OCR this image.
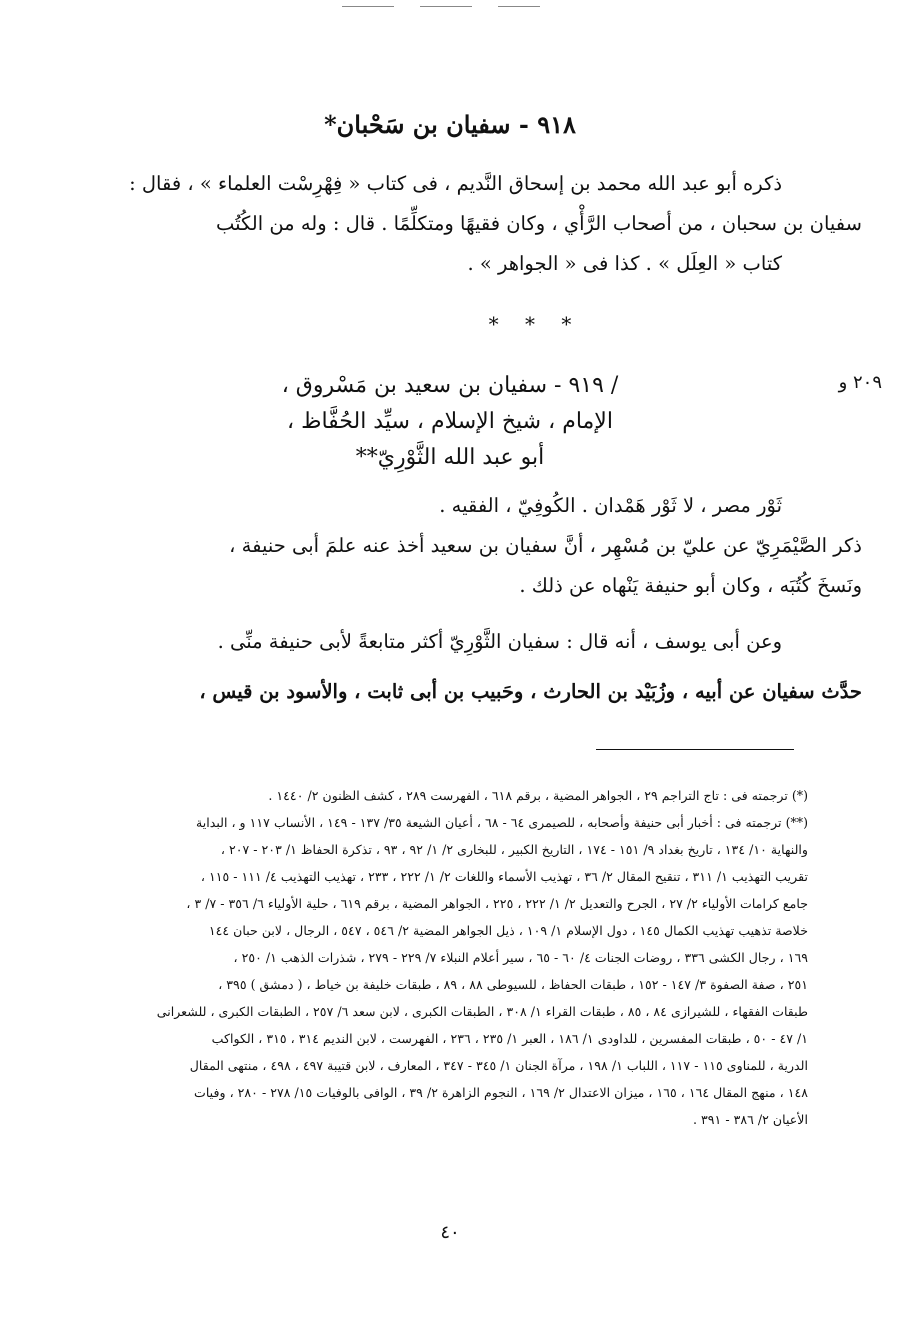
٩١٨ - سفيان بن سَحْبان*
ذكره أبو عبد الله محمد بن إسحاق النَّديم ، فى كتاب « فِهْرِسْت العلماء » ، فقال :
سفيان بن سحبان ، من أصحاب الرَّأْي ، وكان فقيهًا ومتكلِّمًا . قال : وله من الكُتُب
كتاب « العِلَل » . كذا فى « الجواهر » .
* * *
٢٠٩ و
/ ٩١٩ - سفيان بن سعيد بن مَسْروق ،
الإمام ، شيخ الإسلام ، سيِّد الحُفَّاظ ،
أبو عبد الله الثَّوْرِيّ**
ثَوْر مصر ، لا ثَوْر هَمْدان . الكُوفِيّ ، الفقيه .
ذكر الصَّيْمَرِيّ عن عليّ بن مُسْهِر ، أنَّ سفيان بن سعيد أخذ عنه علمَ أبى حنيفة ،
ونَسخَ كُتُبَه ، وكان أبو حنيفة يَنْهاه عن ذلك .
وعن أبى يوسف ، أنه قال : سفيان الثَّوْرِيّ أكثر متابعةً لأبى حنيفة منِّى .
حدَّث سفيان عن أبيه ، وزُبَيْد بن الحارث ، وحَبيب بن أبى ثابت ، والأسود بن قيس ،
(*) ترجمته فى : تاج التراجم ٢٩ ، الجواهر المضية ، برقم ٦١٨ ، الفهرست ٢٨٩ ، كشف الظنون ٢/ ١٤٤٠ .
(**) ترجمته فى : أخبار أبى حنيفة وأصحابه ، للصيمرى ٦٤ - ٦٨ ، أعيان الشيعة ٣٥/ ١٣٧ - ١٤٩ ، الأنساب ١١٧ و ، البداية
والنهاية ١٠/ ١٣٤ ، تاريخ بغداد ٩/ ١٥١ - ١٧٤ ، التاريخ الكبير ، للبخارى ٢/ ١/ ٩٢ ، ٩٣ ، تذكرة الحفاظ ١/ ٢٠٣ - ٢٠٧ ،
تقريب التهذيب ١/ ٣١١ ، تنقيح المقال ٢/ ٣٦ ، تهذيب الأسماء واللغات ٢/ ١/ ٢٢٢ ، ٢٣٣ ، تهذيب التهذيب ٤/ ١١١ - ١١٥ ،
جامع كرامات الأولياء ٢/ ٢٧ ، الجرح والتعديل ٢/ ١/ ٢٢٢ ، ٢٢٥ ، الجواهر المضية ، برقم ٦١٩ ، حلية الأولياء ٦/ ٣٥٦ - ٧/ ٣ ،
خلاصة تذهيب تهذيب الكمال ١٤٥ ، دول الإسلام ١/ ١٠٩ ، ذيل الجواهر المضية ٢/ ٥٤٦ ، ٥٤٧ ، الرجال ، لابن حبان ١٤٤
١٦٩ ، رجال الكشى ٣٣٦ ، روضات الجنات ٤/ ٦٠ - ٦٥ ، سير أعلام النبلاء ٧/ ٢٢٩ - ٢٧٩ ، شذرات الذهب ١/ ٢٥٠ ،
٢٥١ ، صفة الصفوة ٣/ ١٤٧ - ١٥٢ ، طبقات الحفاظ ، للسيوطى ٨٨ ، ٨٩ ، طبقات خليفة بن خياط ، ( دمشق ) ٣٩٥ ،
طبقات الفقهاء ، للشيرازى ٨٤ ، ٨٥ ، طبقات القراء ١/ ٣٠٨ ، الطبقات الكبرى ، لابن سعد ٦/ ٢٥٧ ، الطبقات الكبرى ، للشعرانى
١/ ٤٧ - ٥٠ ، طبقات المفسرين ، للداودى ١/ ١٨٦ ، العبر ١/ ٢٣٥ ، ٢٣٦ ، الفهرست ، لابن النديم ٣١٤ ، ٣١٥ ، الكواكب
الدرية ، للمناوى ١١٥ - ١١٧ ، اللباب ١/ ١٩٨ ، مرآة الجنان ١/ ٣٤٥ - ٣٤٧ ، المعارف ، لابن قتيبة ٤٩٧ ، ٤٩٨ ، منتهى المقال
١٤٨ ، منهج المقال ١٦٤ ، ١٦٥ ، ميزان الاعتدال ٢/ ١٦٩ ، النجوم الزاهرة ٢/ ٣٩ ، الوافى بالوفيات ١٥/ ٢٧٨ - ٢٨٠ ، وفيات
الأعيان ٢/ ٣٨٦ - ٣٩١ .
٤٠
